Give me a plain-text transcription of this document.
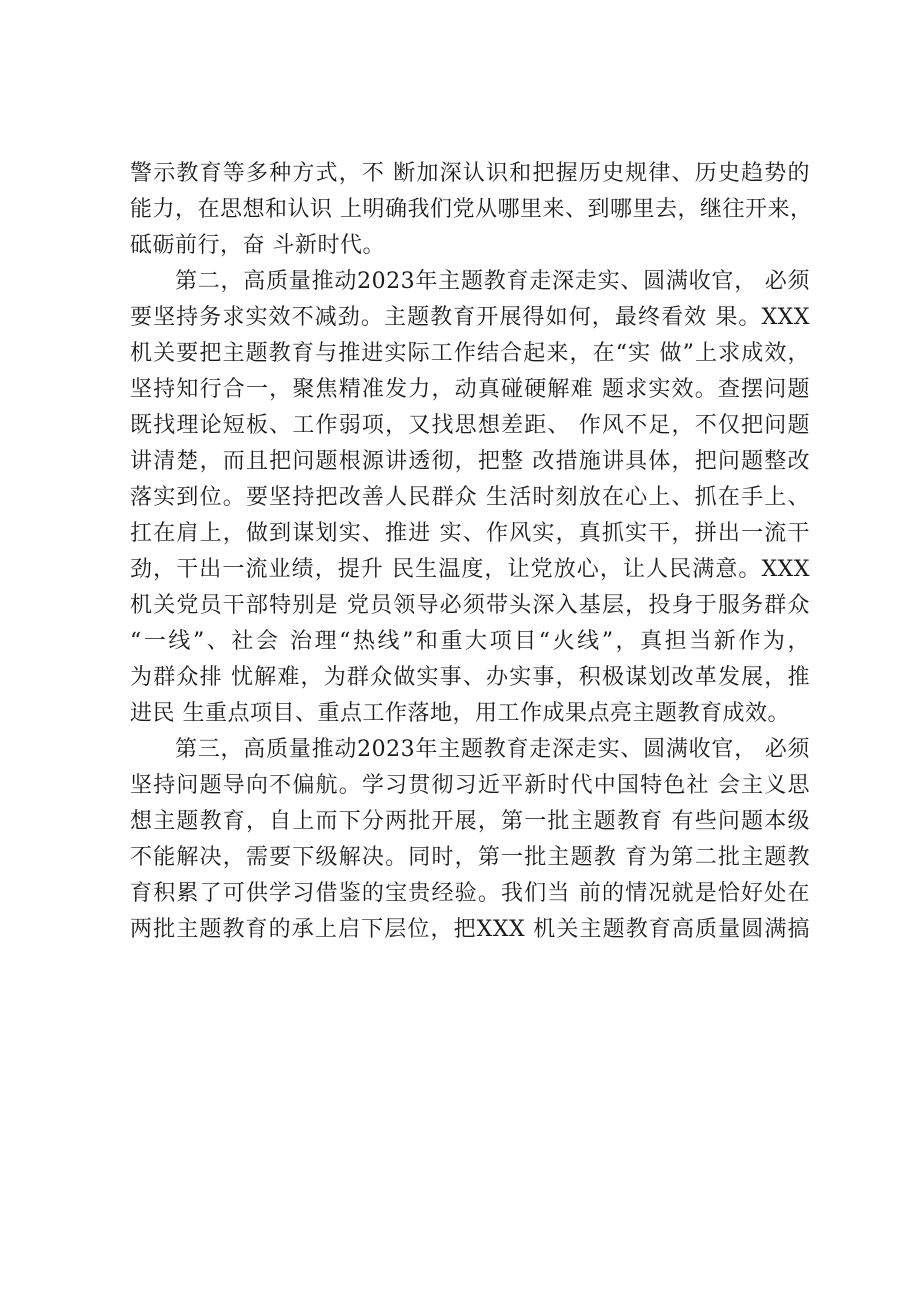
警示教育等多种方式，不 断加深认识和把握历史规律、历史趋势的
能力，在思想和认识 上明确我们党从哪里来、到哪里去，继往开来，
砥砺前行，奋 斗新时代。
第二，高质量推动2023年主题教育走深走实、圆满收官， 必须
要坚持务求实效不减劲。主题教育开展得如何，最终看效 果。XXX
机关要把主题教育与推进实际工作结合起来，在“实 做”上求成效，
坚持知行合一，聚焦精准发力，动真碰硬解难 题求实效。查摆问题
既找理论短板、工作弱项，又找思想差距、 作风不足，不仅把问题
讲清楚，而且把问题根源讲透彻，把整 改措施讲具体，把问题整改
落实到位。要坚持把改善人民群众 生活时刻放在心上、抓在手上、
扛在肩上，做到谋划实、推进 实、作风实，真抓实干，拼出一流干
劲，干出一流业绩，提升 民生温度，让党放心，让人民满意。XXX
机关党员干部特别是 党员领导必须带头深入基层，投身于服务群众
“一线”、社会 治理“热线”和重大项目“火线”，真担当新作为，
为群众排 忧解难，为群众做实事、办实事，积极谋划改革发展，推
进民 生重点项目、重点工作落地，用工作成果点亮主题教育成效。
第三，高质量推动2023年主题教育走深走实、圆满收官， 必须
坚持问题导向不偏航。学习贯彻习近平新时代中国特色社 会主义思
想主题教育，自上而下分两批开展，第一批主题教育 有些问题本级
不能解决，需要下级解决。同时，第一批主题教 育为第二批主题教
育积累了可供学习借鉴的宝贵经验。我们当 前的情况就是恰好处在
两批主题教育的承上启下层位，把XXX 机关主题教育高质量圆满搞
